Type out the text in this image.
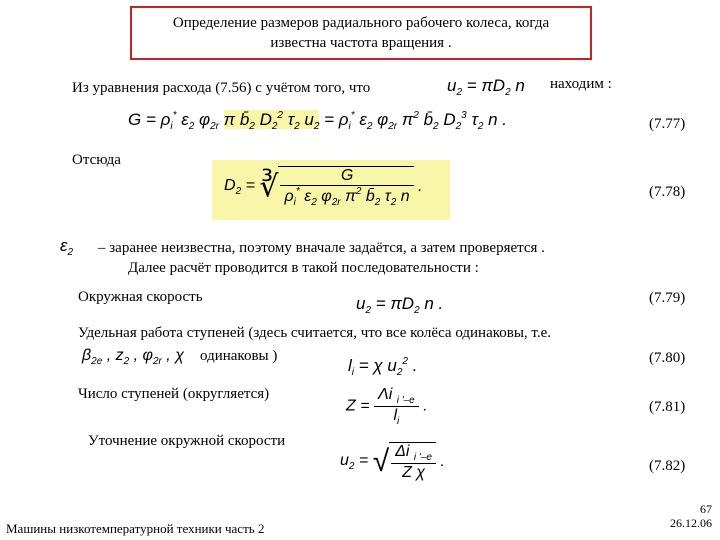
Определение размеров радиального рабочего колеса, когда
известна частота вращения .
Из уравнения расхода (7.56) с учётом того, что	$u_2 = \pi D_2$ n находим :
$G = \rho_i^*$ $\varepsilon_2$ $\varphi_{2r}$ π $b̄_2$ $D_2^2$ $\tau_2$ $u_2 = \rho_i^*$ $\varepsilon_2$ $\varphi_{2r}$ $\pi^2$ $b̄_2$ $D_2^3$ $\tau_2$ n .	(7.77)
Отсюда
$D_2$ = ∛ $\frac{G}{\rho_i^* \varepsilon_2 \varphi_{2r} \pi^2 b̄_2 \tau_2 n}$ .	(7.78)
$\varepsilon_2$ – заранее неизвестна, поэтому вначале задаётся, а затем проверяется .
Далее расчёт проводится в такой последовательности :
Окружная скорость	$u_2 = \pi D_2$ n .	(7.79)
Удельная работа ступеней (здесь считается, что все колёса одинаковы, т.е.
$\beta_{2e}$ , $z_2$ , $\varphi_{2r}$ , χ одинаковы )	$l_i = \chi$ $u_2^2$ .	(7.80)
Число ступеней (округляется)
$Z = \frac{\Lambda i _{i '-e}}{l_i}$ .	(7.81)
Уточнение окружной скорости
$u_2$ = √ $\frac{\Delta i _{i '-e}}{\text{Z χ}}$ .	(7.82)
Машины низкотемпературной техники часть 2
67
26.12.06
